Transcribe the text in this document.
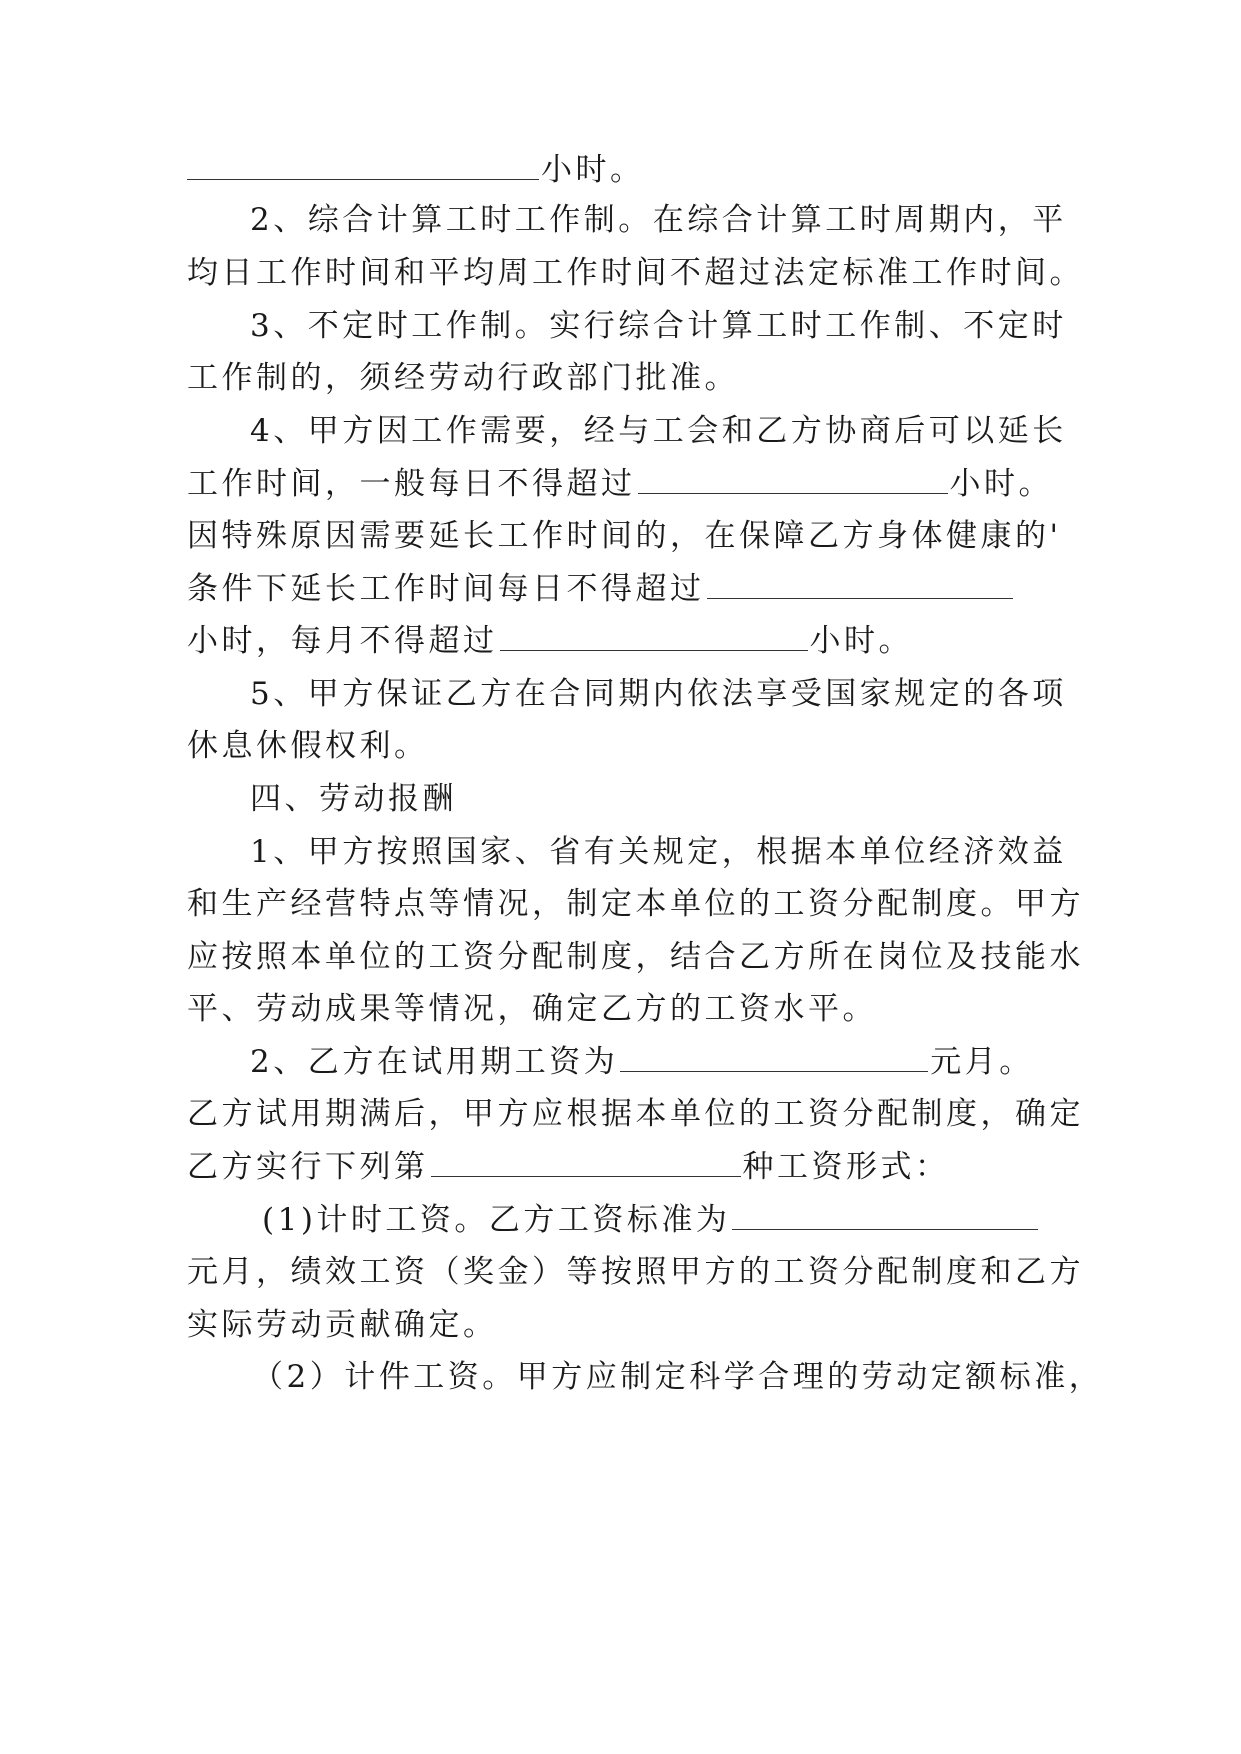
小时。
2、综合计算工时工作制。在综合计算工时周期内，平
均日工作时间和平均周工作时间不超过法定标准工作时间。
3、不定时工作制。实行综合计算工时工作制、不定时
工作制的，须经劳动行政部门批准。
4、甲方因工作需要，经与工会和乙方协商后可以延长
工作时间，一般每日不得超过	小时。
因特殊原因需要延长工作时间的，在保障乙方身体健康的'
条件下延长工作时间每日不得超过
小时，每月不得超过	小时。
5、甲方保证乙方在合同期内依法享受国家规定的各项
休息休假权利。
四、劳动报酬
1、甲方按照国家、省有关规定，根据本单位经济效益
和生产经营特点等情况，制定本单位的工资分配制度。甲方
应按照本单位的工资分配制度，结合乙方所在岗位及技能水
平、劳动成果等情况，确定乙方的工资水平。
2、乙方在试用期工资为	元月。
乙方试用期满后，甲方应根据本单位的工资分配制度，确定
乙方实行下列第	种工资形式：
(1)计时工资。乙方工资标准为
元月，绩效工资（奖金）等按照甲方的工资分配制度和乙方
实际劳动贡献确定。
（2）计件工资。甲方应制定科学合理的劳动定额标准，
